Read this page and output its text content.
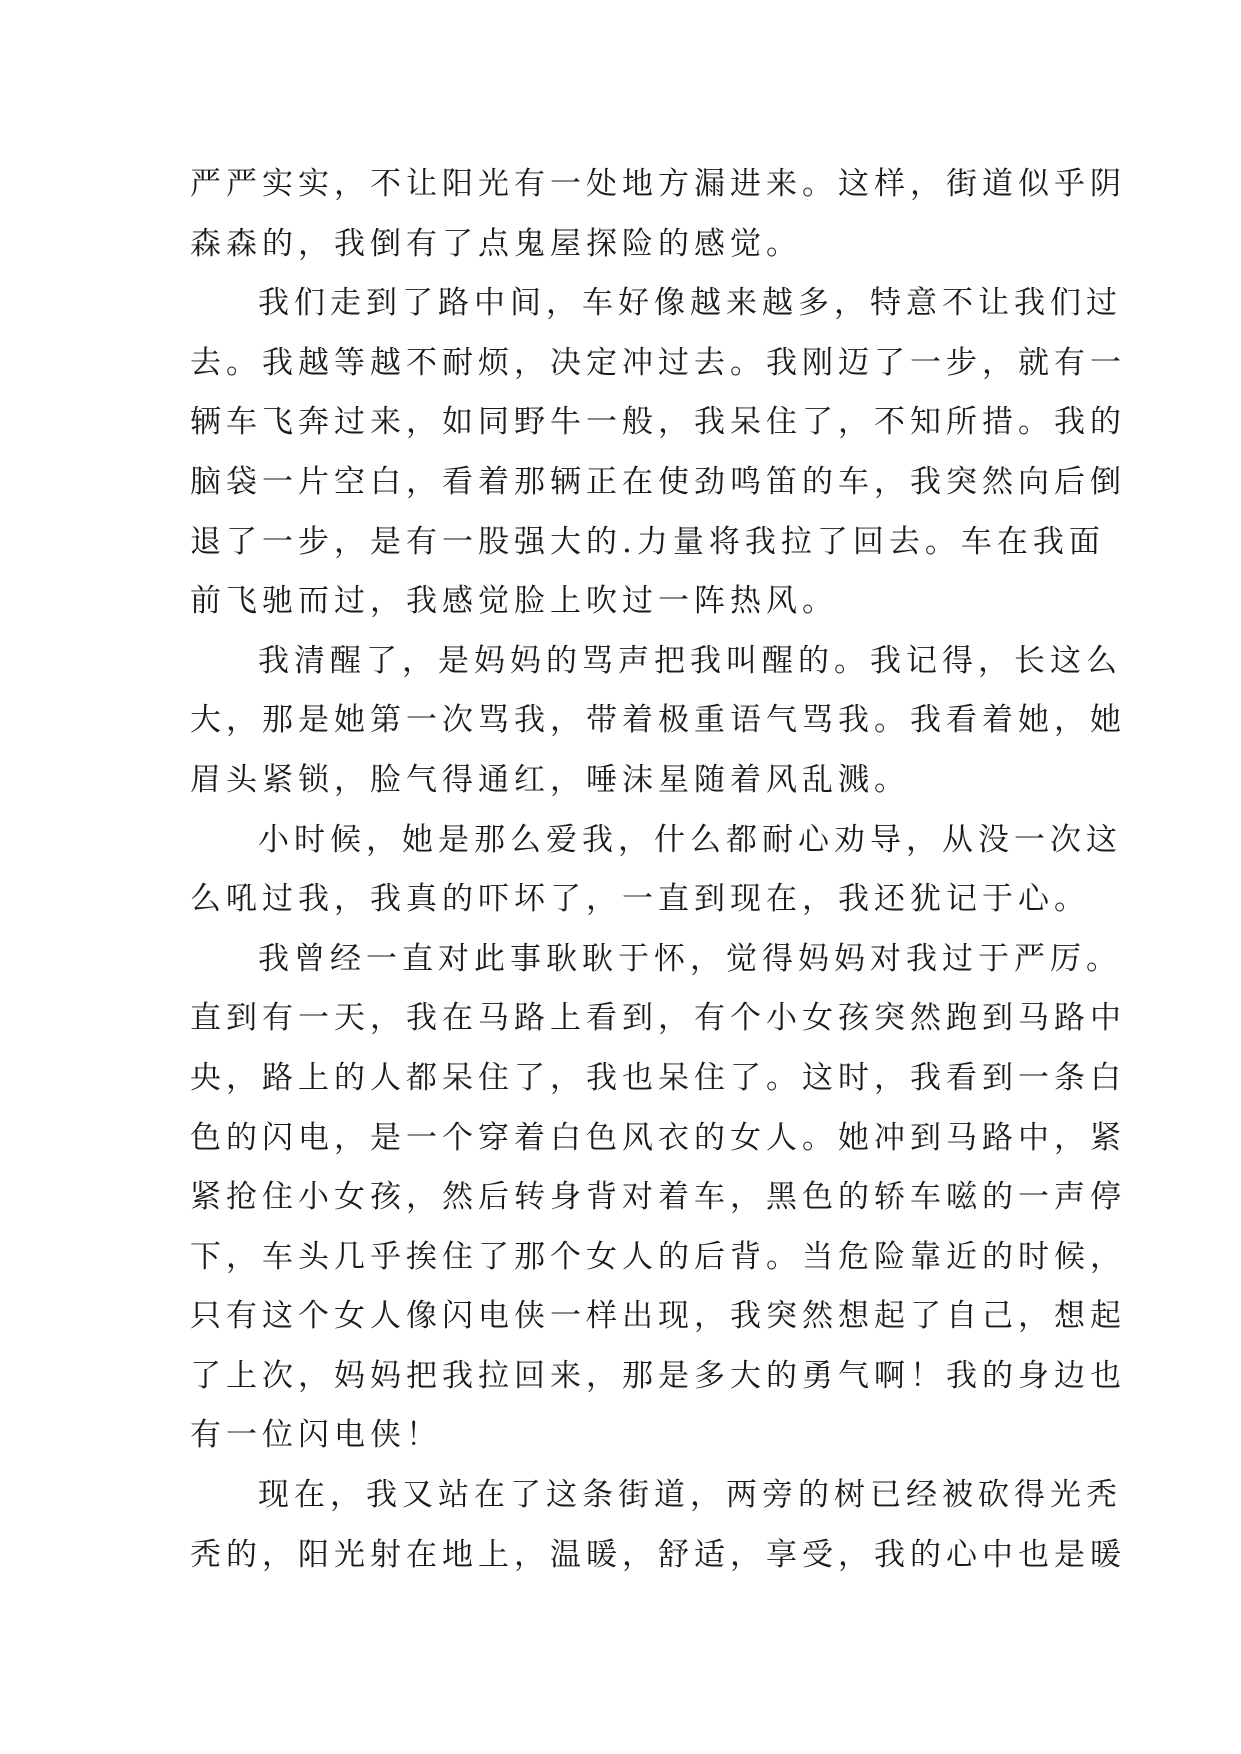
严严实实，不让阳光有一处地方漏进来。这样，街道似乎阴
森森的，我倒有了点鬼屋探险的感觉。
我们走到了路中间，车好像越来越多，特意不让我们过
去。我越等越不耐烦，决定冲过去。我刚迈了一步，就有一
辆车飞奔过来，如同野牛一般，我呆住了，不知所措。我的
脑袋一片空白，看着那辆正在使劲鸣笛的车，我突然向后倒
退了一步，是有一股强大的.力量将我拉了回去。车在我面
前飞驰而过，我感觉脸上吹过一阵热风。
我清醒了，是妈妈的骂声把我叫醒的。我记得，长这么
大，那是她第一次骂我，带着极重语气骂我。我看着她，她
眉头紧锁，脸气得通红，唾沫星随着风乱溅。
小时候，她是那么爱我，什么都耐心劝导，从没一次这
么吼过我，我真的吓坏了，一直到现在，我还犹记于心。
我曾经一直对此事耿耿于怀，觉得妈妈对我过于严厉。
直到有一天，我在马路上看到，有个小女孩突然跑到马路中
央，路上的人都呆住了，我也呆住了。这时，我看到一条白
色的闪电，是一个穿着白色风衣的女人。她冲到马路中，紧
紧抢住小女孩，然后转身背对着车，黑色的轿车嗞的一声停
下，车头几乎挨住了那个女人的后背。当危险靠近的时候，
只有这个女人像闪电侠一样出现，我突然想起了自己，想起
了上次，妈妈把我拉回来，那是多大的勇气啊！我的身边也
有一位闪电侠！
现在，我又站在了这条街道，两旁的树已经被砍得光秃
秃的，阳光射在地上，温暖，舒适，享受，我的心中也是暖
